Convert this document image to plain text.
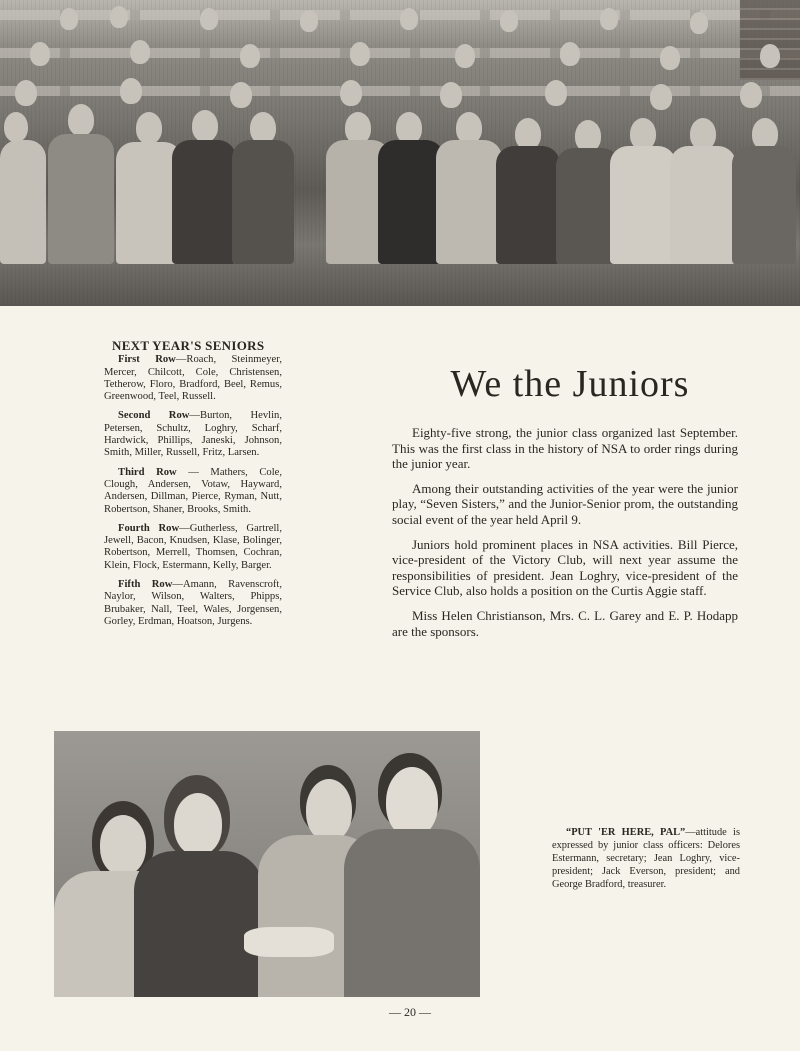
NEXT YEAR'S SENIORS

First Row—Roach, Steinmeyer, Mercer, Chilcott, Cole, Christensen, Tetherow, Floro, Bradford, Beel, Remus, Greenwood, Teel, Russell.

Second Row—Burton, Hevlin, Petersen, Schultz, Loghry, Scharf, Hardwick, Phillips, Janeski, Johnson, Smith, Miller, Russell, Fritz, Larsen.

Third Row — Mathers, Cole, Clough, Andersen, Votaw, Hayward, Andersen, Dillman, Pierce, Ryman, Nutt, Robertson, Shaner, Brooks, Smith.

Fourth Row—Gutherless, Gartrell, Jewell, Bacon, Knudsen, Klase, Bolinger, Robertson, Merrell, Thomsen, Cochran, Klein, Flock, Estermann, Kelly, Barger.

Fifth Row—Amann, Ravenscroft, Naylor, Wilson, Walters, Phipps, Brubaker, Nall, Teel, Wales, Jorgensen, Gorley, Erdman, Hoatson, Jurgens.

We the Juniors

Eighty-five strong, the junior class organized last September. This was the first class in the history of NSA to order rings during the junior year.

Among their outstanding activities of the year were the junior play, “Seven Sisters,” and the Junior-Senior prom, the outstanding social event of the year held April 9.

Juniors hold prominent places in NSA activities. Bill Pierce, vice-president of the Victory Club, will next year assume the responsibilities of president. Jean Loghry, vice-president of the Service Club, also holds a position on the Curtis Aggie staff.

Miss Helen Christianson, Mrs. C. L. Garey and E. P. Hodapp are the sponsors.

“PUT 'ER HERE, PAL”—attitude is expressed by junior class officers: Delores Estermann, secretary; Jean Loghry, vice-president; Jack Everson, president; and George Bradford, treasurer.

— 20 —
